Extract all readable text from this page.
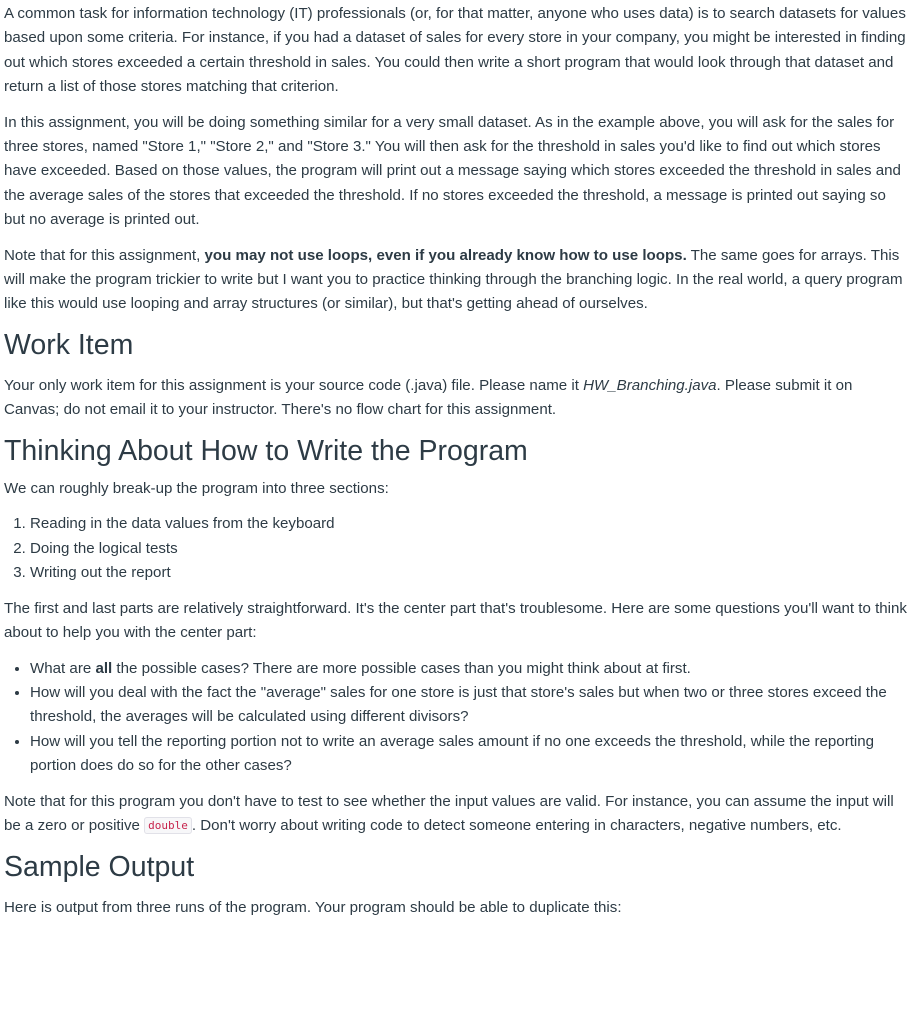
A common task for information technology (IT) professionals (or, for that matter, anyone who uses data) is to search datasets for values based upon some criteria. For instance, if you had a dataset of sales for every store in your company, you might be interested in finding out which stores exceeded a certain threshold in sales. You could then write a short program that would look through that dataset and return a list of those stores matching that criterion.

In this assignment, you will be doing something similar for a very small dataset. As in the example above, you will ask for the sales for three stores, named "Store 1," "Store 2," and "Store 3." You will then ask for the threshold in sales you'd like to find out which stores have exceeded. Based on those values, the program will print out a message saying which stores exceeded the threshold in sales and the average sales of the stores that exceeded the threshold. If no stores exceeded the threshold, a message is printed out saying so but no average is printed out.

Note that for this assignment, you may not use loops, even if you already know how to use loops. The same goes for arrays. This will make the program trickier to write but I want you to practice thinking through the branching logic. In the real world, a query program like this would use looping and array structures (or similar), but that's getting ahead of ourselves.

Work Item

Your only work item for this assignment is your source code (.java) file. Please name it HW_Branching.java. Please submit it on Canvas; do not email it to your instructor. There's no flow chart for this assignment.

Thinking About How to Write the Program

We can roughly break-up the program into three sections:

1. Reading in the data values from the keyboard
2. Doing the logical tests
3. Writing out the report

The first and last parts are relatively straightforward. It's the center part that's troublesome. Here are some questions you'll want to think about to help you with the center part:

• What are all the possible cases? There are more possible cases than you might think about at first.
• How will you deal with the fact the "average" sales for one store is just that store's sales but when two or three stores exceed the threshold, the averages will be calculated using different divisors?
• How will you tell the reporting portion not to write an average sales amount if no one exceeds the threshold, while the reporting portion does do so for the other cases?

Note that for this program you don't have to test to see whether the input values are valid. For instance, you can assume the input will be a zero or positive double . Don't worry about writing code to detect someone entering in characters, negative numbers, etc.

Sample Output

Here is output from three runs of the program. Your program should be able to duplicate this:
